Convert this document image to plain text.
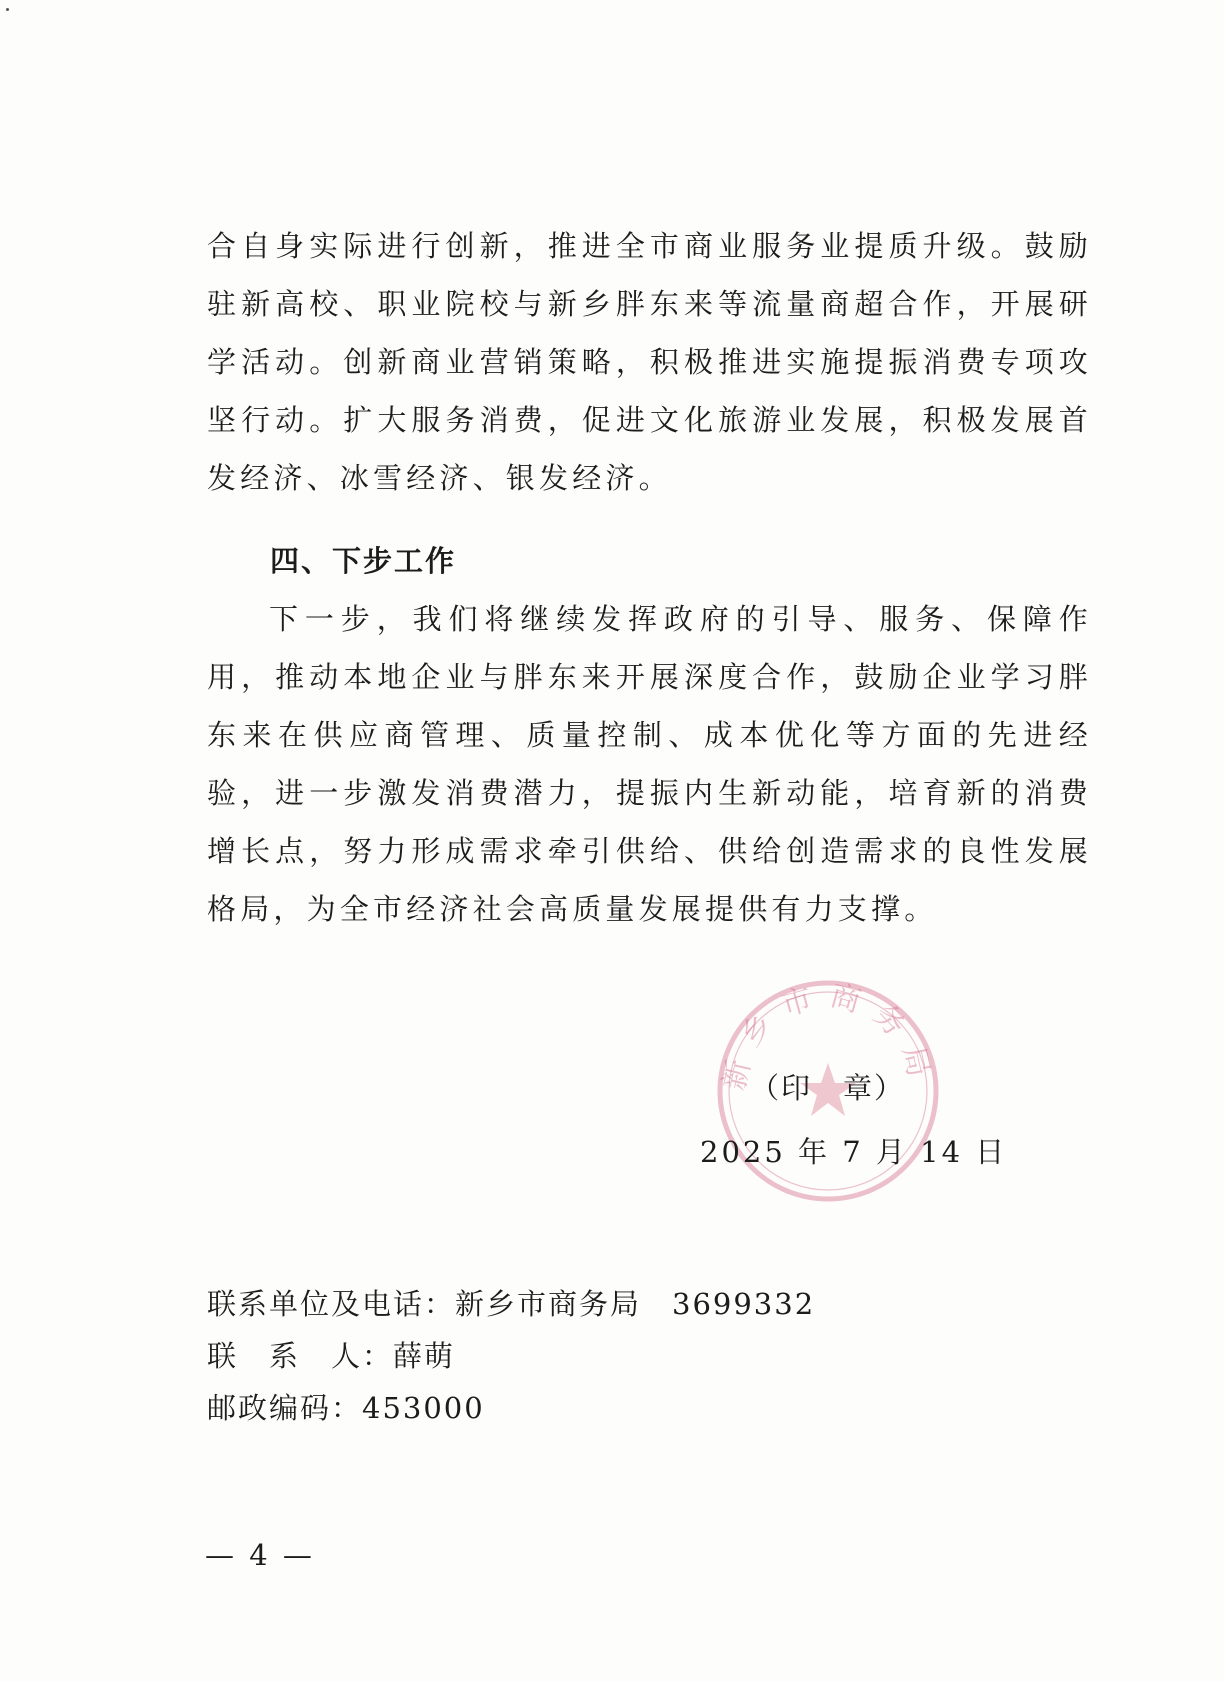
合自身实际进行创新，推进全市商业服务业提质升级。鼓励驻新高校、职业院校与新乡胖东来等流量商超合作，开展研学活动。创新商业营销策略，积极推进实施提振消费专项攻坚行动。扩大服务消费，促进文化旅游业发展，积极发展首发经济、冰雪经济、银发经济。

四、下步工作

下一步，我们将继续发挥政府的引导、服务、保障作用，推动本地企业与胖东来开展深度合作，鼓励企业学习胖东来在供应商管理、质量控制、成本优化等方面的先进经验，进一步激发消费潜力，提振内生新动能，培育新的消费增长点，努力形成需求牵引供给、供给创造需求的良性发展格局，为全市经济社会高质量发展提供有力支撑。

新乡市商务局
（印　章）
2025 年 7 月 14 日
联系单位及电话：新乡市商务局　3699332
联　系　人：薛萌
邮政编码：453000
— 4 —
